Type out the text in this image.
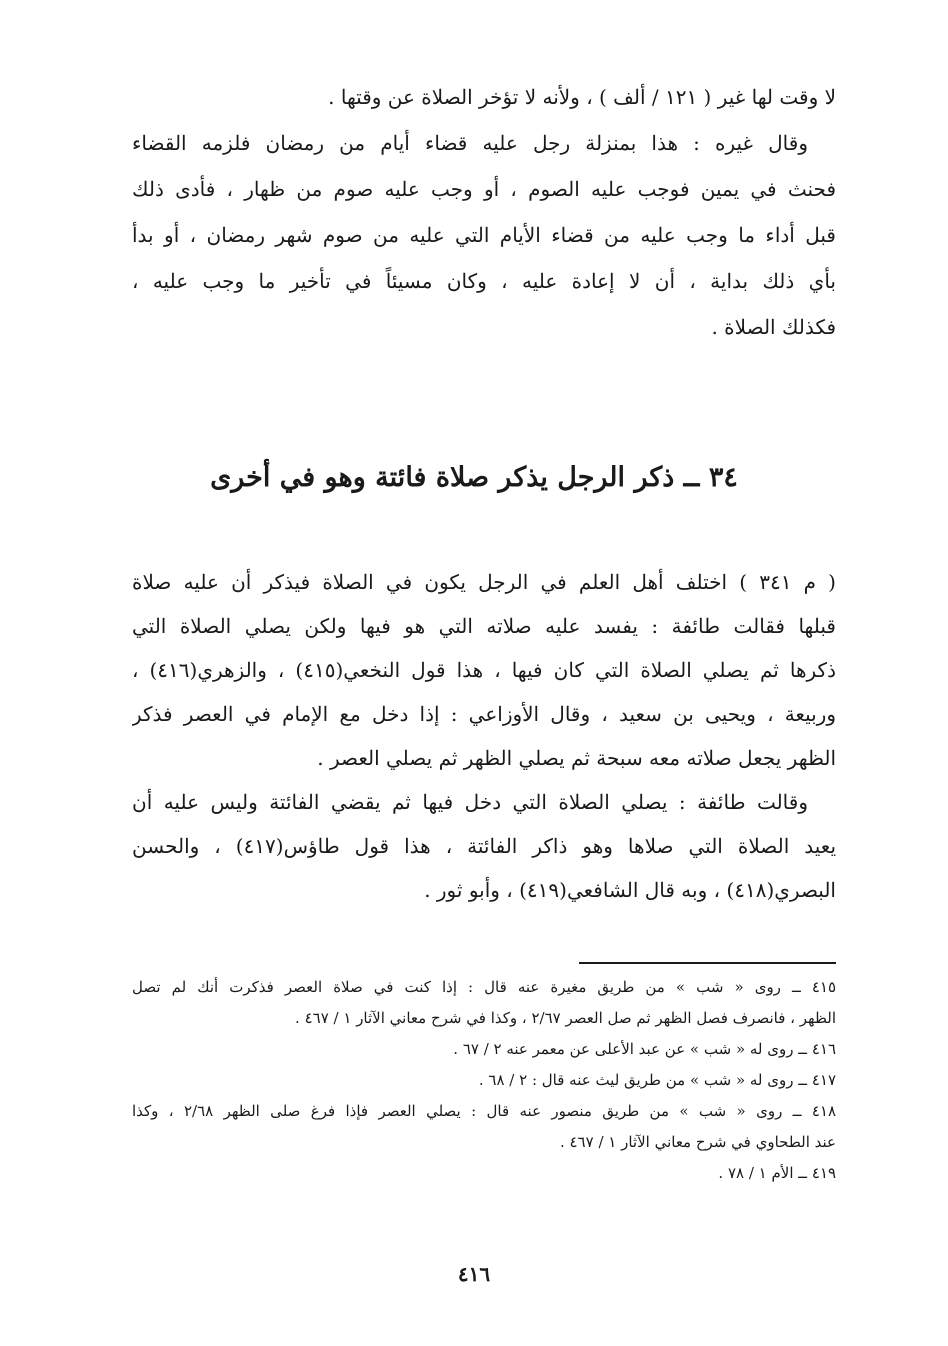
لا وقت لها غير ( ١٢١ / ألف ) ، ولأنه لا تؤخر الصلاة عن وقتها .
وقال غيره : هذا بمنزلة رجل عليه قضاء أيام من رمضان فلزمه القضاء
فحنث في يمين فوجب عليه الصوم ، أو وجب عليه صوم من ظهار ، فأدى ذلك
قبل أداء ما وجب عليه من قضاء الأيام التي عليه من صوم شهر رمضان ، أو بدأ
بأي ذلك بداية ، أن لا إعادة عليه ، وكان مسيئاً في تأخير ما وجب عليه ،
فكذلك الصلاة .
٣٤ ــ ذكر الرجل يذكر صلاة فائتة وهو في أخرى
( م ٣٤١ ) اختلف أهل العلم في الرجل يكون في الصلاة فيذكر أن عليه صلاة
قبلها فقالت طائفة : يفسد عليه صلاته التي هو فيها ولكن يصلي الصلاة التي
ذكرها ثم يصلي الصلاة التي كان فيها ، هذا قول النخعي(٤١٥) ، والزهري(٤١٦) ،
وربيعة ، ويحيى بن سعيد ، وقال الأوزاعي : إذا دخل مع الإمام في العصر فذكر
الظهر يجعل صلاته معه سبحة ثم يصلي الظهر ثم يصلي العصر .
وقالت طائفة : يصلي الصلاة التي دخل فيها ثم يقضي الفائتة وليس عليه أن
يعيد الصلاة التي صلاها وهو ذاكر الفائتة ، هذا قول طاؤس(٤١٧) ، والحسن
البصري(٤١٨) ، وبه قال الشافعي(٤١٩) ، وأبو ثور .
٤١٥ ــ روى « شب » من طريق مغيرة عنه قال : إذا كنت في صلاة العصر فذكرت أنك لم تصل
الظهر ، فانصرف فصل الظهر ثم صل العصر ٢/٦٧ ، وكذا في شرح معاني الآثار ١ / ٤٦٧ .
٤١٦ ــ روى له « شب » عن عبد الأعلى عن معمر عنه ٢ / ٦٧ .
٤١٧ ــ روى له « شب » من طريق ليث عنه قال : ٢ / ٦٨ .
٤١٨ ــ روى « شب » من طريق منصور عنه قال : يصلي العصر فإذا فرغ صلى الظهر ٢/٦٨ ، وكذا
عند الطحاوي في شرح معاني الآثار ١ / ٤٦٧ .
٤١٩ ــ الأم ١ / ٧٨ .
٤١٦
